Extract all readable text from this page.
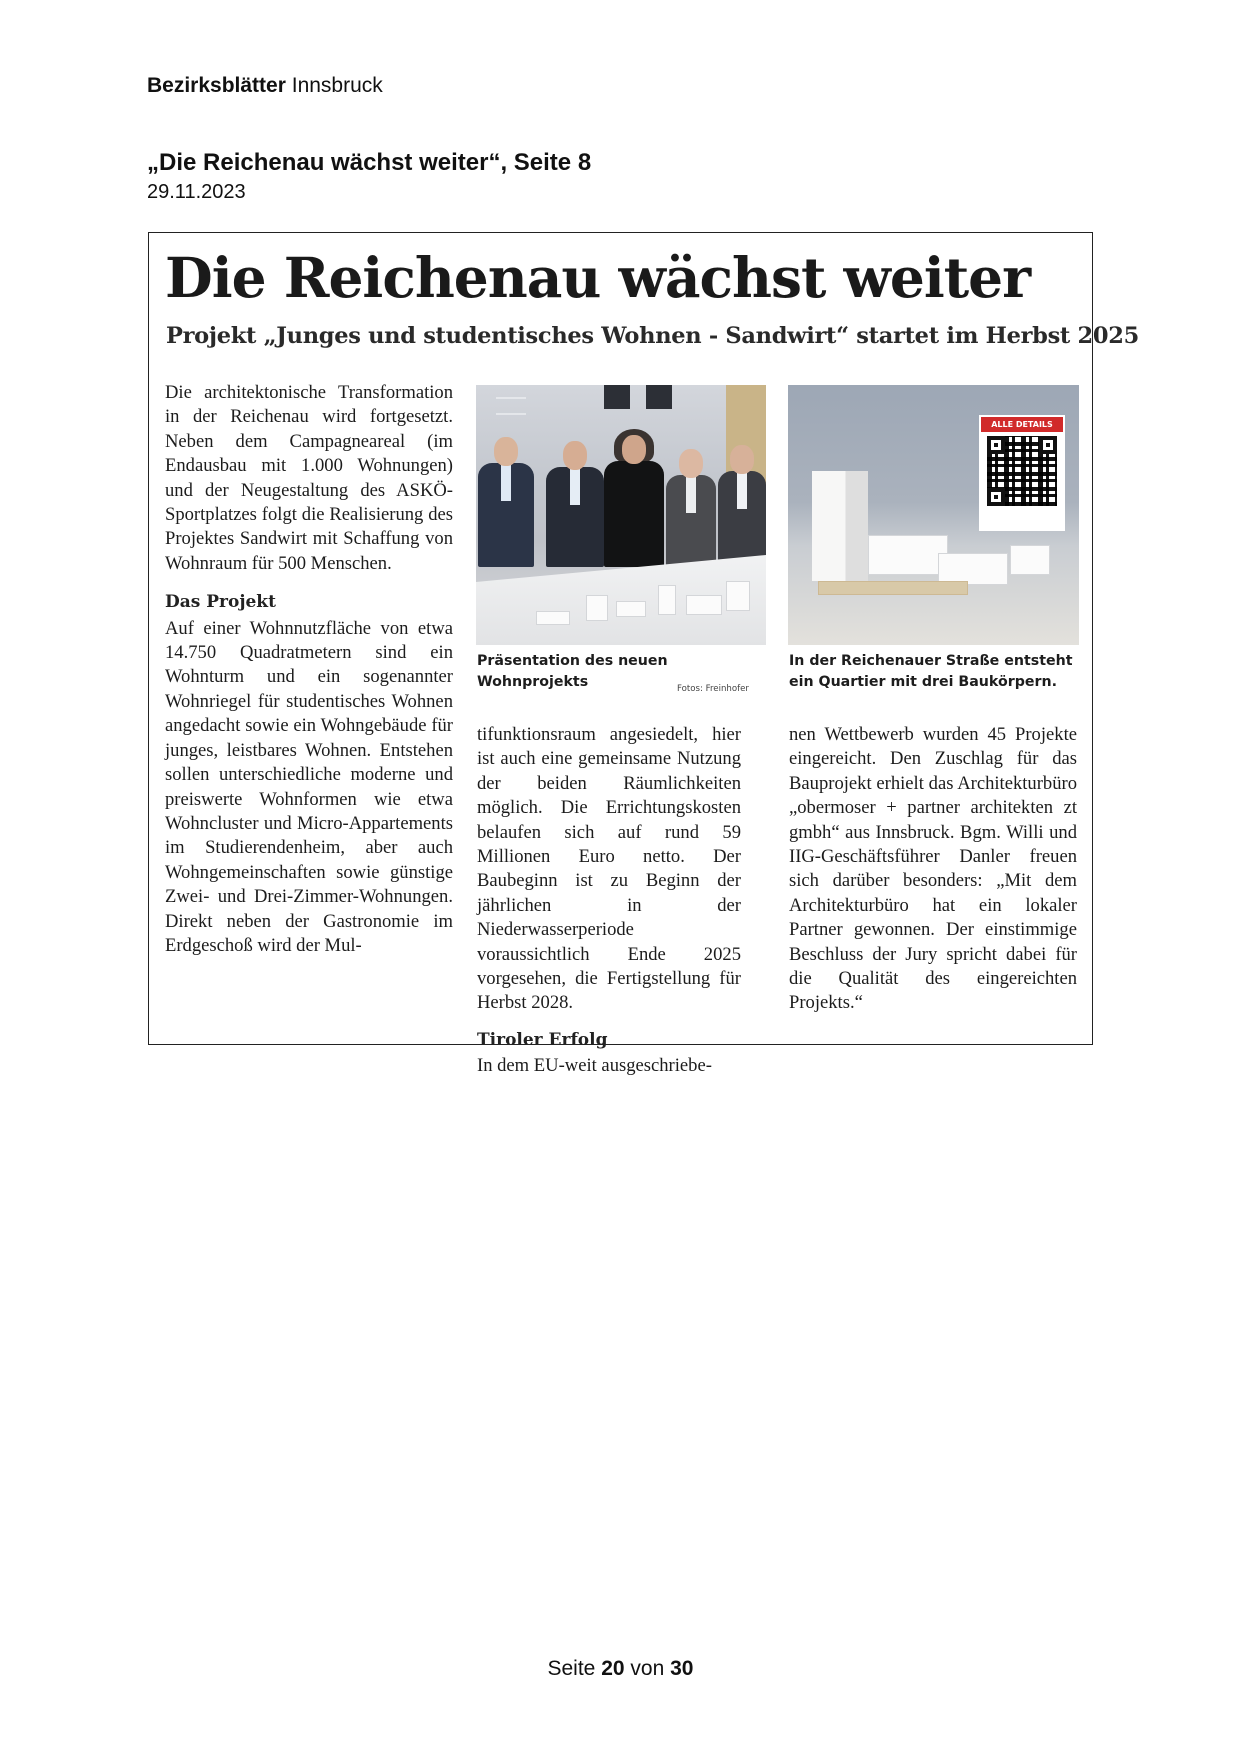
Bezirksblätter Innsbruck
„Die Reichenau wächst weiter“, Seite 8
29.11.2023
Die Reichenau wächst weiter
Projekt „Junges und studentisches Wohnen - Sandwirt“ startet im Herbst 2025

Die architektonische Transformation in der Reichenau wird fortgesetzt. Neben dem Campagneareal (im Endausbau mit 1.000 Wohnungen) und der Neugestaltung des ASKÖ-Sportplatzes folgt die Realisierung des Projektes Sandwirt mit Schaffung von Wohnraum für 500 Menschen.

Das Projekt

Auf einer Wohnnutzfläche von etwa 14.750 Quadratmetern sind ein Wohnturm und ein sogenannter Wohnriegel für studentisches Wohnen angedacht sowie ein Wohngebäude für junges, leistbares Wohnen. Entstehen sollen unterschiedliche moderne und preiswerte Wohnformen wie etwa Wohncluster und Micro-Appartements im Studierendenheim, aber auch Wohngemeinschaften sowie günstige Zwei- und Drei-Zimmer-Wohnungen. Direkt neben der Gastronomie im Erdgeschoß wird der Mul-

ALLE DETAILS
Präsentation des neuen Wohnprojekts	Fotos: Freinhofer
In der Reichenauer Straße entsteht ein Quartier mit drei Baukörpern.

tifunktionsraum angesiedelt, hier ist auch eine gemeinsame Nutzung der beiden Räumlichkeiten möglich. Die Errichtungskosten belaufen sich auf rund 59 Millionen Euro netto. Der Baubeginn ist zu Beginn der jährlichen in der Niederwasserperiode voraussichtlich Ende 2025 vorgesehen, die Fertigstellung für Herbst 2028.

Tiroler Erfolg

In dem EU-weit ausgeschriebe-

nen Wettbewerb wurden 45 Projekte eingereicht. Den Zuschlag für das Bauprojekt erhielt das Architekturbüro „obermoser + partner architekten zt gmbh“ aus Innsbruck. Bgm. Willi und IIG-Geschäftsführer Danler freuen sich darüber besonders: „Mit dem Architekturbüro hat ein lokaler Partner gewonnen. Der einstimmige Beschluss der Jury spricht dabei für die Qualität des eingereichten Projekts.“

Seite 20 von 30
